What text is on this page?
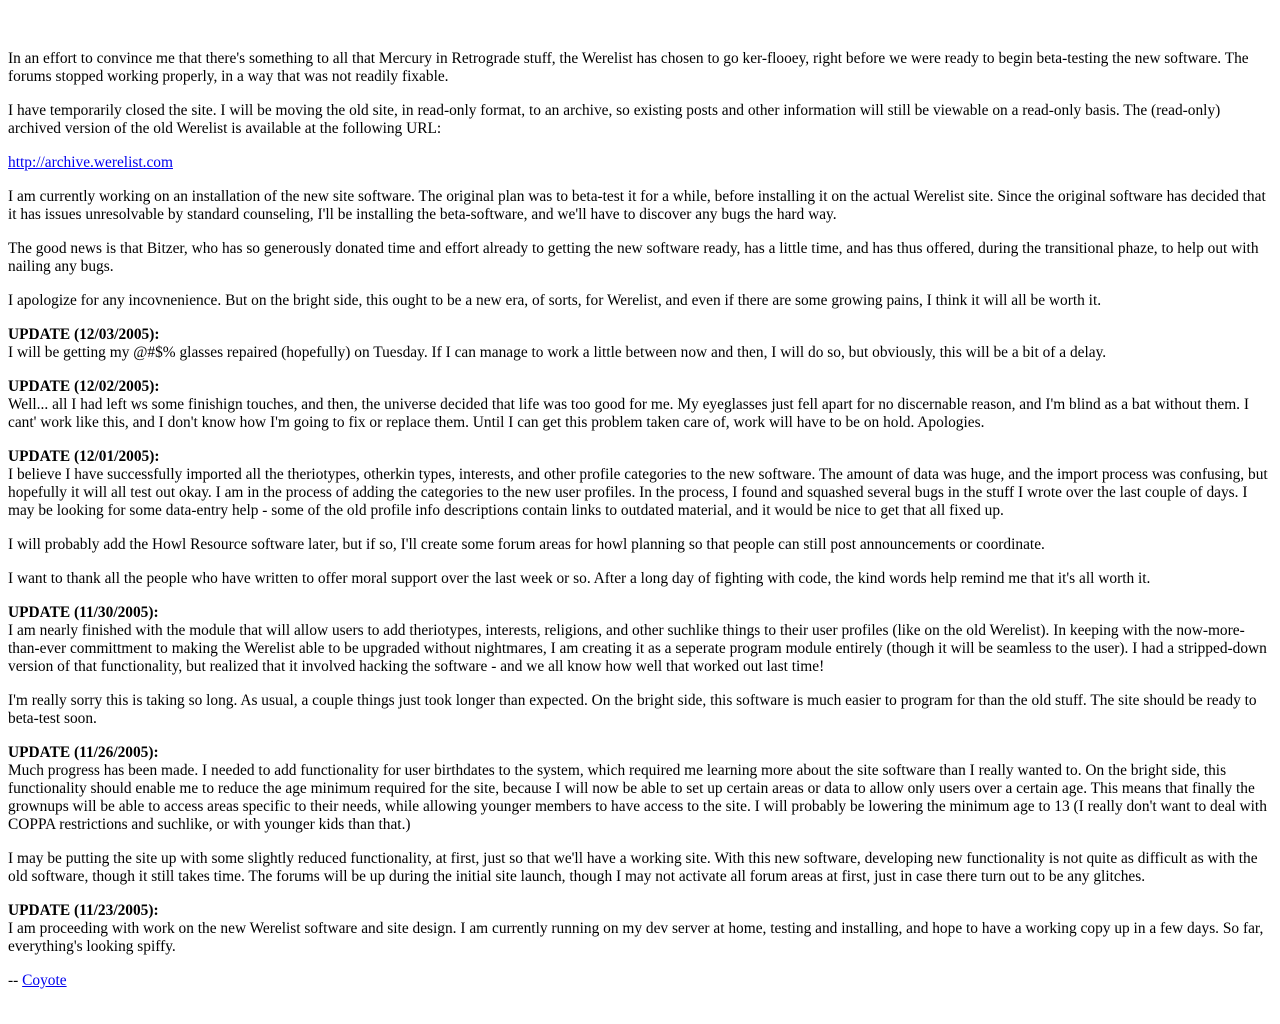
In an effort to convince me that there's something to all that Mercury in Retrograde stuff, the Werelist has chosen to go ker-flooey, right before we were ready to begin beta-testing the new software. The forums stopped working properly, in a way that was not readily fixable.

I have temporarily closed the site. I will be moving the old site, in read-only format, to an archive, so existing posts and other information will still be viewable on a read-only basis. The (read-only) archived version of the old Werelist is available at the following URL:

http://archive.werelist.com

I am currently working on an installation of the new site software. The original plan was to beta-test it for a while, before installing it on the actual Werelist site. Since the original software has decided that it has issues unresolvable by standard counseling, I'll be installing the beta-software, and we'll have to discover any bugs the hard way.

The good news is that Bitzer, who has so generously donated time and effort already to getting the new software ready, has a little time, and has thus offered, during the transitional phaze, to help out with nailing any bugs.

I apologize for any incovnenience. But on the bright side, this ought to be a new era, of sorts, for Werelist, and even if there are some growing pains, I think it will all be worth it.

UPDATE (12/03/2005):
I will be getting my @#$% glasses repaired (hopefully) on Tuesday. If I can manage to work a little between now and then, I will do so, but obviously, this will be a bit of a delay.

UPDATE (12/02/2005):
Well... all I had left ws some finishign touches, and then, the universe decided that life was too good for me. My eyeglasses just fell apart for no discernable reason, and I'm blind as a bat without them. I cant' work like this, and I don't know how I'm going to fix or replace them. Until I can get this problem taken care of, work will have to be on hold. Apologies.

UPDATE (12/01/2005):
I believe I have successfully imported all the theriotypes, otherkin types, interests, and other profile categories to the new software. The amount of data was huge, and the import process was confusing, but hopefully it will all test out okay. I am in the process of adding the categories to the new user profiles. In the process, I found and squashed several bugs in the stuff I wrote over the last couple of days. I may be looking for some data-entry help - some of the old profile info descriptions contain links to outdated material, and it would be nice to get that all fixed up.

I will probably add the Howl Resource software later, but if so, I'll create some forum areas for howl planning so that people can still post announcements or coordinate.

I want to thank all the people who have written to offer moral support over the last week or so. After a long day of fighting with code, the kind words help remind me that it's all worth it.

UPDATE (11/30/2005):
I am nearly finished with the module that will allow users to add theriotypes, interests, religions, and other suchlike things to their user profiles (like on the old Werelist). In keeping with the now-more-than-ever committment to making the Werelist able to be upgraded without nightmares, I am creating it as a seperate program module entirely (though it will be seamless to the user). I had a stripped-down version of that functionality, but realized that it involved hacking the software - and we all know how well that worked out last time!

I'm really sorry this is taking so long. As usual, a couple things just took longer than expected. On the bright side, this software is much easier to program for than the old stuff. The site should be ready to beta-test soon.

UPDATE (11/26/2005):
Much progress has been made. I needed to add functionality for user birthdates to the system, which required me learning more about the site software than I really wanted to. On the bright side, this functionality should enable me to reduce the age minimum required for the site, because I will now be able to set up certain areas or data to allow only users over a certain age. This means that finally the grownups will be able to access areas specific to their needs, while allowing younger members to have access to the site. I will probably be lowering the minimum age to 13 (I really don't want to deal with COPPA restrictions and suchlike, or with younger kids than that.)

I may be putting the site up with some slightly reduced functionality, at first, just so that we'll have a working site. With this new software, developing new functionality is not quite as difficult as with the old software, though it still takes time. The forums will be up during the initial site launch, though I may not activate all forum areas at first, just in case there turn out to be any glitches.

UPDATE (11/23/2005):
I am proceeding with work on the new Werelist software and site design. I am currently running on my dev server at home, testing and installing, and hope to have a working copy up in a few days. So far, everything's looking spiffy.

-- Coyote
